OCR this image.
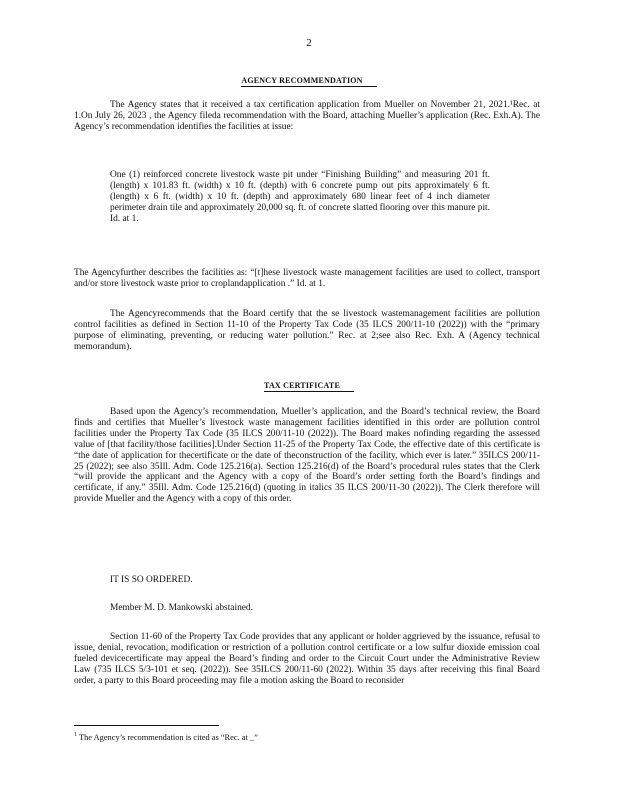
2
AGENCY RECOMMENDATION

The Agency states that it received a tax certification application from Mueller on November 21, 2021.¹Rec. at 1.On July 26, 2023 , the Agency fileda recommendation with the Board, attaching Mueller’s application (Rec. Exh.A). The Agency’s recommendation identifies the facilities at issue:

One (1) reinforced concrete livestock waste pit under “Finishing Building” and measuring 201 ft. (length) x 101.83 ft. (width) x 10 ft. (depth) with 6 concrete pump out pits approximately 6 ft. (length) x 6 ft. (width) x 10 ft. (depth) and approximately 680 linear feet of 4 inch diameter perimeter drain tile and approximately 20,000 sq. ft. of concrete slatted flooring over this manure pit. Id. at 1.

The Agencyfurther describes the facilities as: “[t]hese livestock waste management facilities are used to collect, transport and/or store livestock waste prior to croplandapplication .” Id. at 1.

The Agencyrecommends that the Board certify that the se livestock wastemanagement facilities are pollution control facilities as defined in Section 11-10 of the Property Tax Code (35 ILCS 200/11-10 (2022)) with the “primary purpose of eliminating, preventing, or reducing water pollution.” Rec. at 2;see also Rec. Exh. A (Agency technical memorandum).

TAX CERTIFICATE

Based upon the Agency’s recommendation, Mueller’s application, and the Board’s technical review, the Board finds and certifies that Mueller’s livestock waste management facilities identified in this order are pollution control facilities under the Property Tax Code (35 ILCS 200/11-10 (2022)). The Board makes nofinding regarding the assessed value of [that facility/those facilities].Under Section 11-25 of the Property Tax Code, the effective date of this certificate is “the date of application for thecertificate or the date of theconstruction of the facility, which ever is later.” 35ILCS 200/11-25 (2022); see also 35Ill. Adm. Code 125.216(a). Section 125.216(d) of the Board’s procedural rules states that the Clerk “will provide the applicant and the Agency with a copy of the Board’s order setting forth the Board’s findings and certificate, if any.” 35Ill. Adm. Code 125.216(d) (quoting in italics 35 ILCS 200/11-30 (2022)). The Clerk therefore will provide Mueller and the Agency with a copy of this order.

IT IS SO ORDERED.
Member M. D. Mankowski abstained.

Section 11-60 of the Property Tax Code provides that any applicant or holder aggrieved by the issuance, refusal to issue, denial, revocation, modification or restriction of a pollution control certificate or a low sulfur dioxide emission coal fueled devicecertificate may appeal the Board’s finding and order to the Circuit Court under the Administrative Review Law (735 ILCS 5/3-101 et seq. (2022)). See 35ILCS 200/11-60 (2022). Within 35 days after receiving this final Board order, a party to this Board proceeding may file a motion asking the Board to reconsider

$^1$ The Agency’s recommendation is cited as “Rec. at _”
